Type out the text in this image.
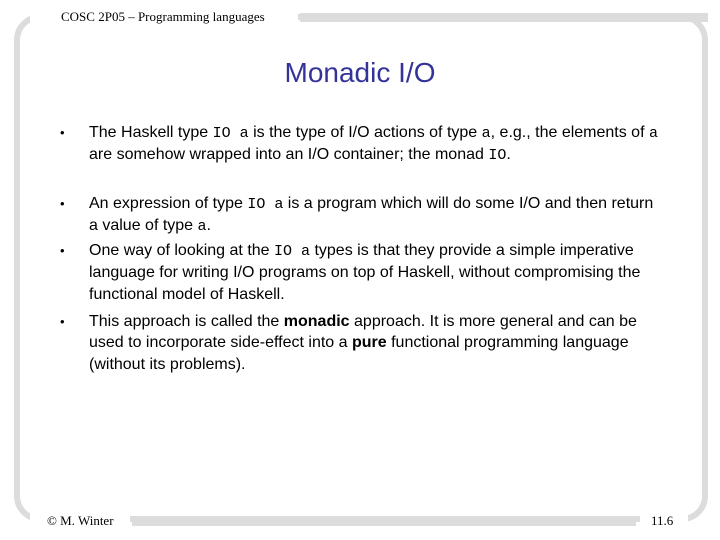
COSC 2P05 – Programming languages
Monadic I/O
• The Haskell type IO a is the type of I/O actions of type a, e.g., the elements of a are somehow wrapped into an I/O container; the monad IO.
• An expression of type IO a is a program which will do some I/O and then return a value of type a.
• One way of looking at the IO a types is that they provide a simple imperative language for writing I/O programs on top of Haskell, without compromising the functional model of Haskell.
• This approach is called the monadic approach. It is more general and can be used to incorporate side-effect into a pure functional programming language (without its problems).
© M. Winter	11.6
